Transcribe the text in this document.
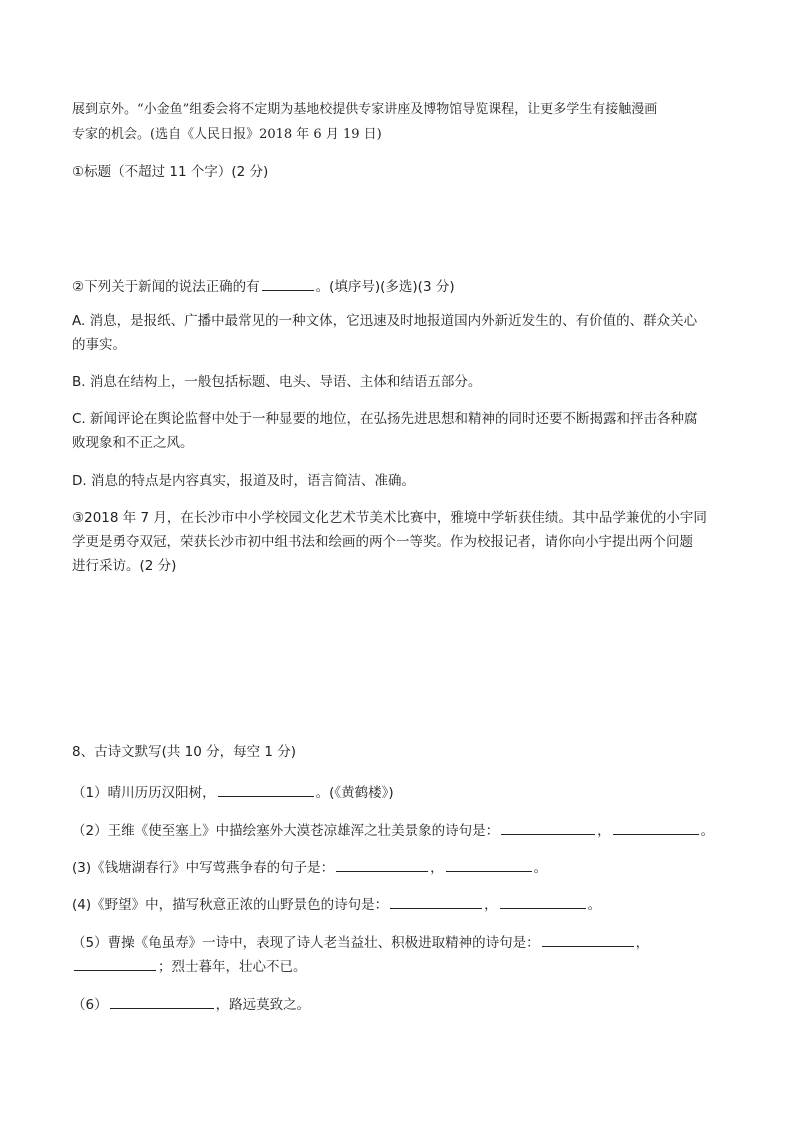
展到京外。“小金鱼”组委会将不定期为基地校提供专家讲座及博物馆导览课程，让更多学生有接触漫画
专家的机会。(选自《人民日报》2018 年 6 月 19 日)
①标题（不超过 11 个字）(2 分)
②下列关于新闻的说法正确的有	。(填序号)(多选)(3 分)
A. 消息，是报纸、广播中最常见的一种文体，它迅速及时地报道国内外新近发生的、有价值的、群众关心
的事实。
B. 消息在结构上，一般包括标题、电头、导语、主体和结语五部分。
C. 新闻评论在舆论监督中处于一种显要的地位，在弘扬先进思想和精神的同时还要不断揭露和抨击各种腐
败现象和不正之风。
D. 消息的特点是内容真实，报道及时，语言简洁、准确。
③2018 年 7 月，在长沙市中小学校园文化艺术节美术比赛中，雅境中学斩获佳绩。其中品学兼优的小宇同
学更是勇夺双冠，荣获长沙市初中组书法和绘画的两个一等奖。作为校报记者，请你向小宇提出两个问题
进行采访。(2 分)
8、古诗文默写(共 10 分，每空 1 分)
（1）晴川历历汉阳树，	。(《黄鹤楼》)
（2）王维《使至塞上》中描绘塞外大漠苍凉雄浑之壮美景象的诗句是：	，	。
(3)《钱塘湖春行》中写莺燕争春的句子是：	，	。
(4)《野望》中，描写秋意正浓的山野景色的诗句是：	，	。
（5）曹操《龟虽寿》一诗中，表现了诗人老当益壮、积极进取精神的诗句是：	，
；烈士暮年，壮心不已。
（6）	，路远莫致之。
